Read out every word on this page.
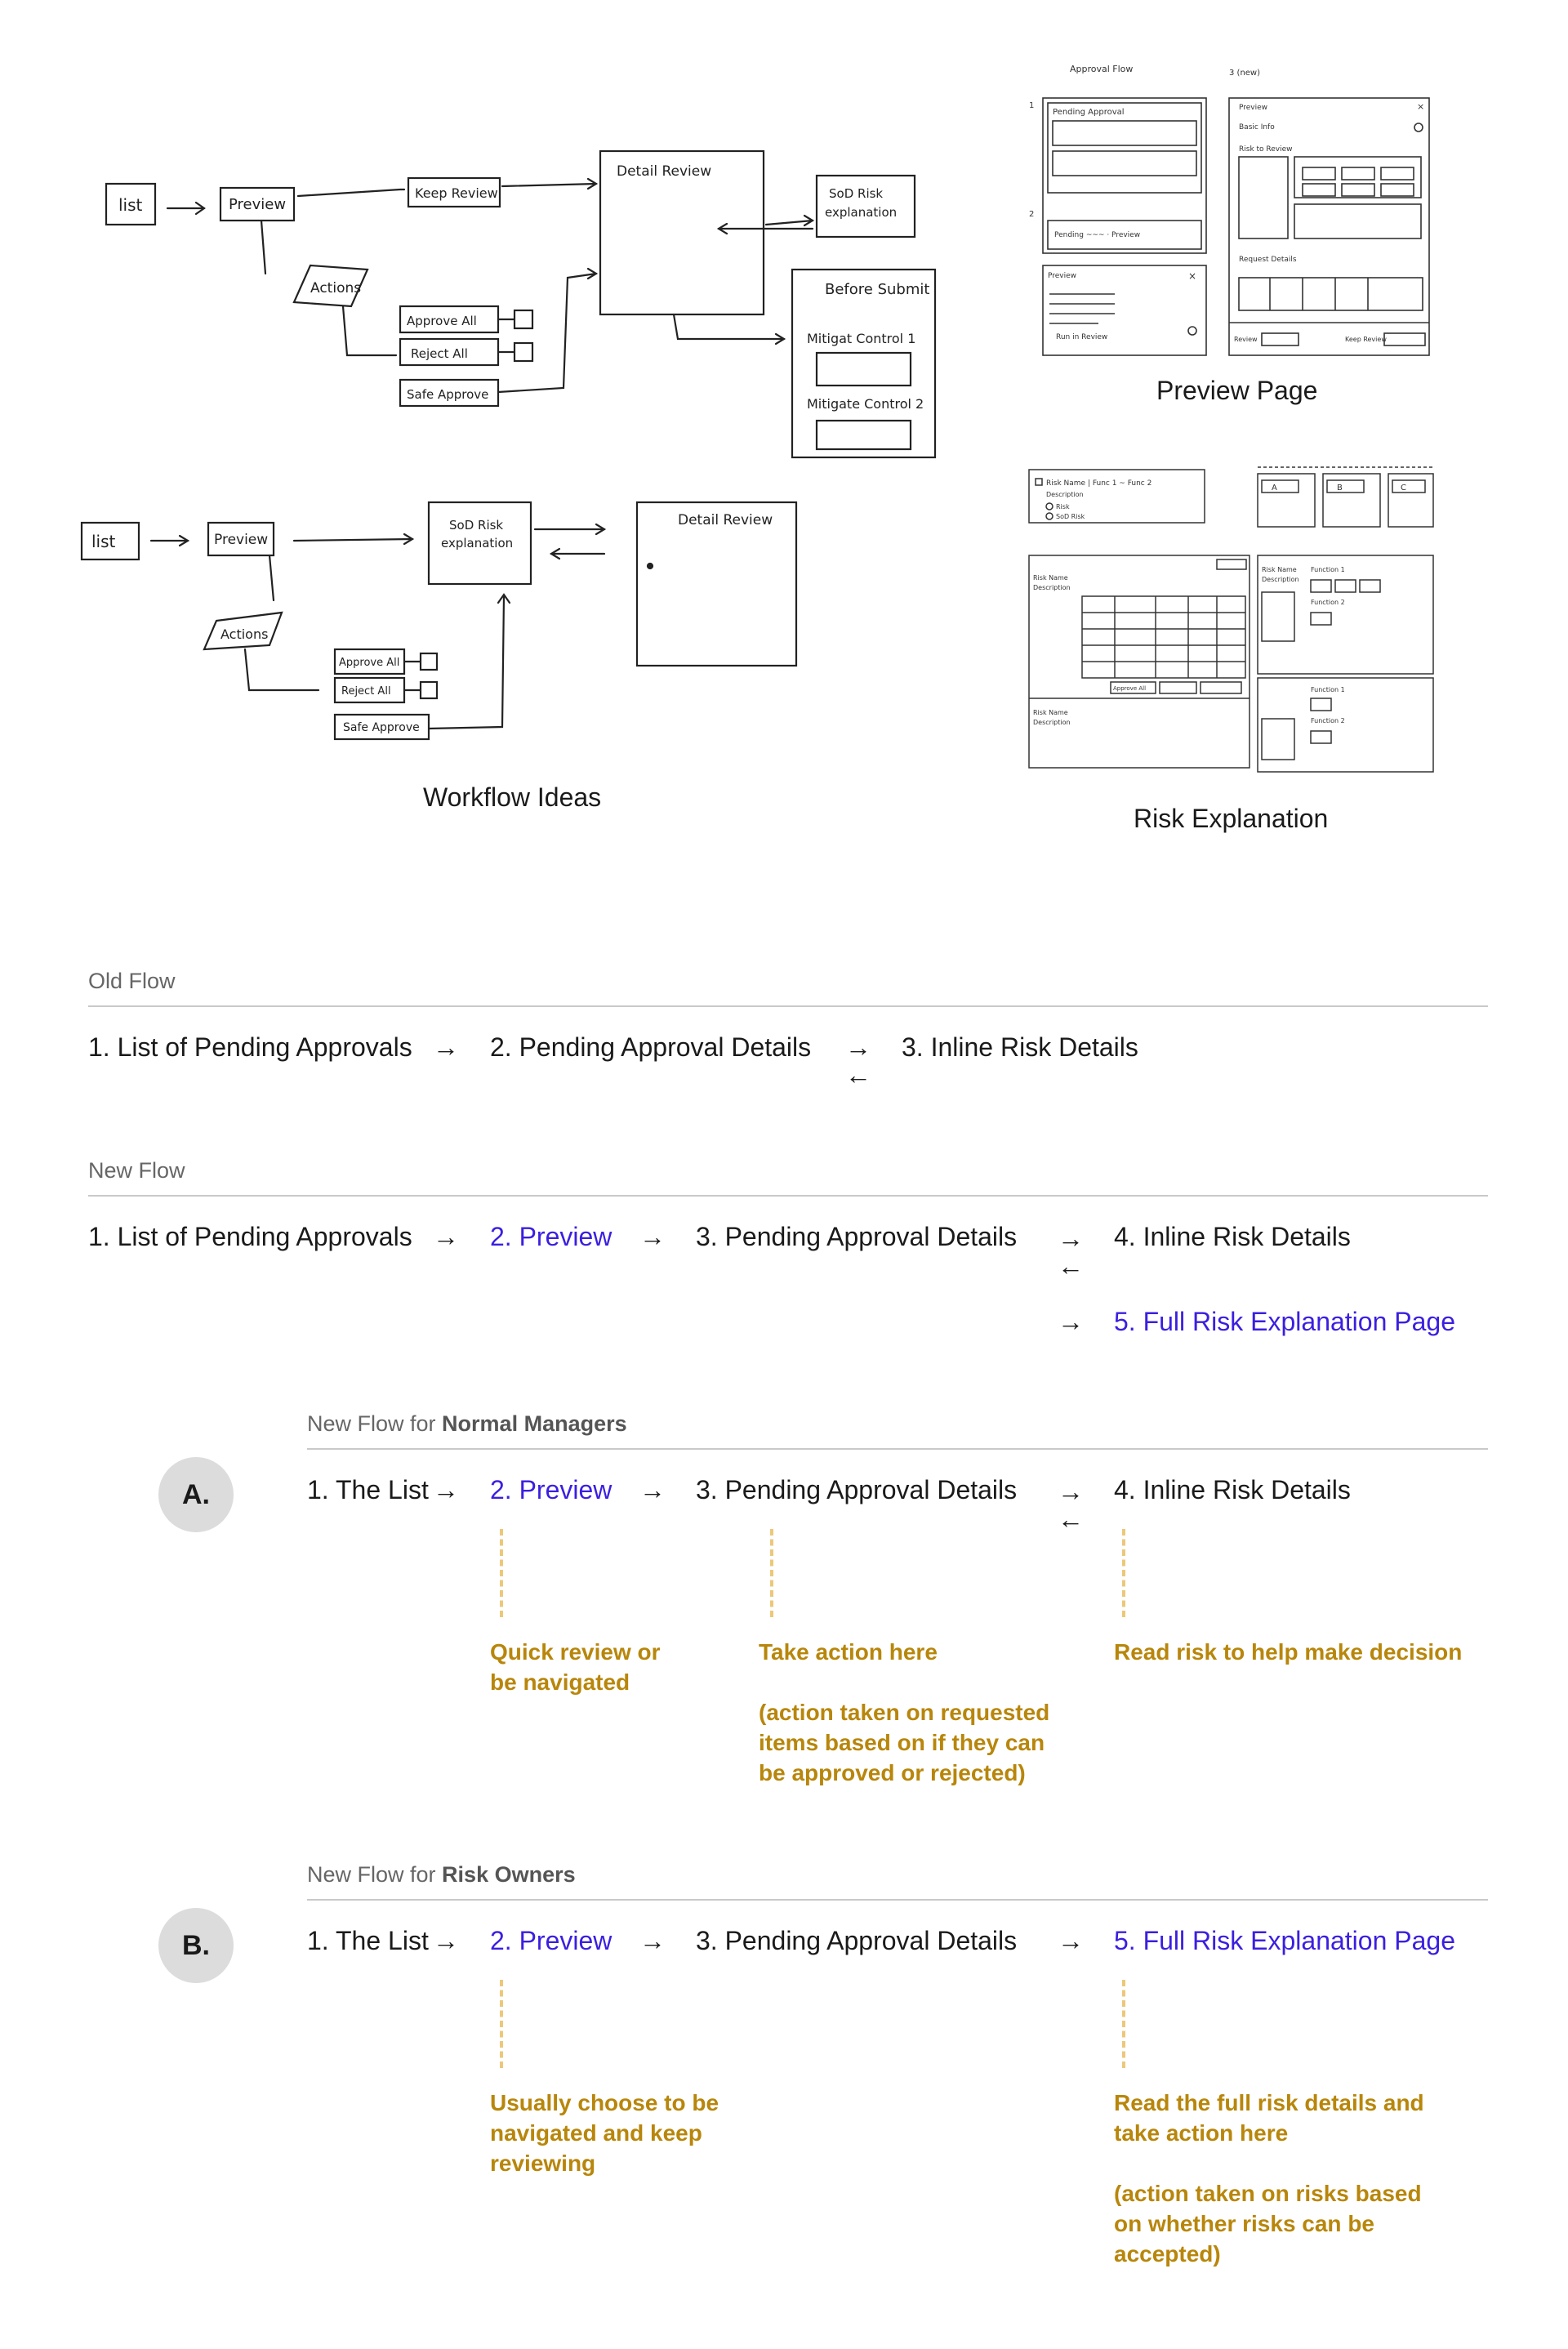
list	Preview
Keep Review
Detail Review
SoD Risk
explanation
Before Submit
Mitigat Control 1
Mitigate Control 2
Actions
Approve All
Reject All
Safe Approve
list	Preview
SoD Risk
explanation
Detail Review
Actions
Approve All
Reject All
Safe Approve
Workflow Ideas
Approval Flow
1
Pending Approval
2
Pending ~~~ · Preview
Run in Review
Preview	×
3 (new)
Preview	×
Basic Info
Risk to Review
Request Details
Review	Keep Review
Preview Page
Risk Name | Func 1 ~ Func 2
Description
Risk
SoD Risk
A	B	C
Risk Name
Description
Approve All
Risk Name
Description
Risk Name
Description
Function 1
Function 2
Function 1
Function 2
Risk Explanation
Old Flow
1. List of Pending Approvals → 2. Pending Approval Details →
←
3. Inline Risk Details
New Flow
1. List of Pending Approvals → 2. Preview → 3. Pending Approval Details →
←
4. Inline Risk Details
→ 5. Full Risk Explanation Page
New Flow for Normal Managers
A.	1. The List → 2. Preview → 3. Pending Approval Details →
←
4. Inline Risk Details
Quick review or
be navigated
Take action here

(action taken on requested
items based on if they can
be approved or rejected)
Read risk to help make decision
New Flow for Risk Owners
B.	1. The List → 2. Preview → 3. Pending Approval Details → 5. Full Risk Explanation Page
Usually choose to be
navigated and keep
reviewing
Read the full risk details and
take action here

(action taken on risks based
on whether risks can be
accepted)
